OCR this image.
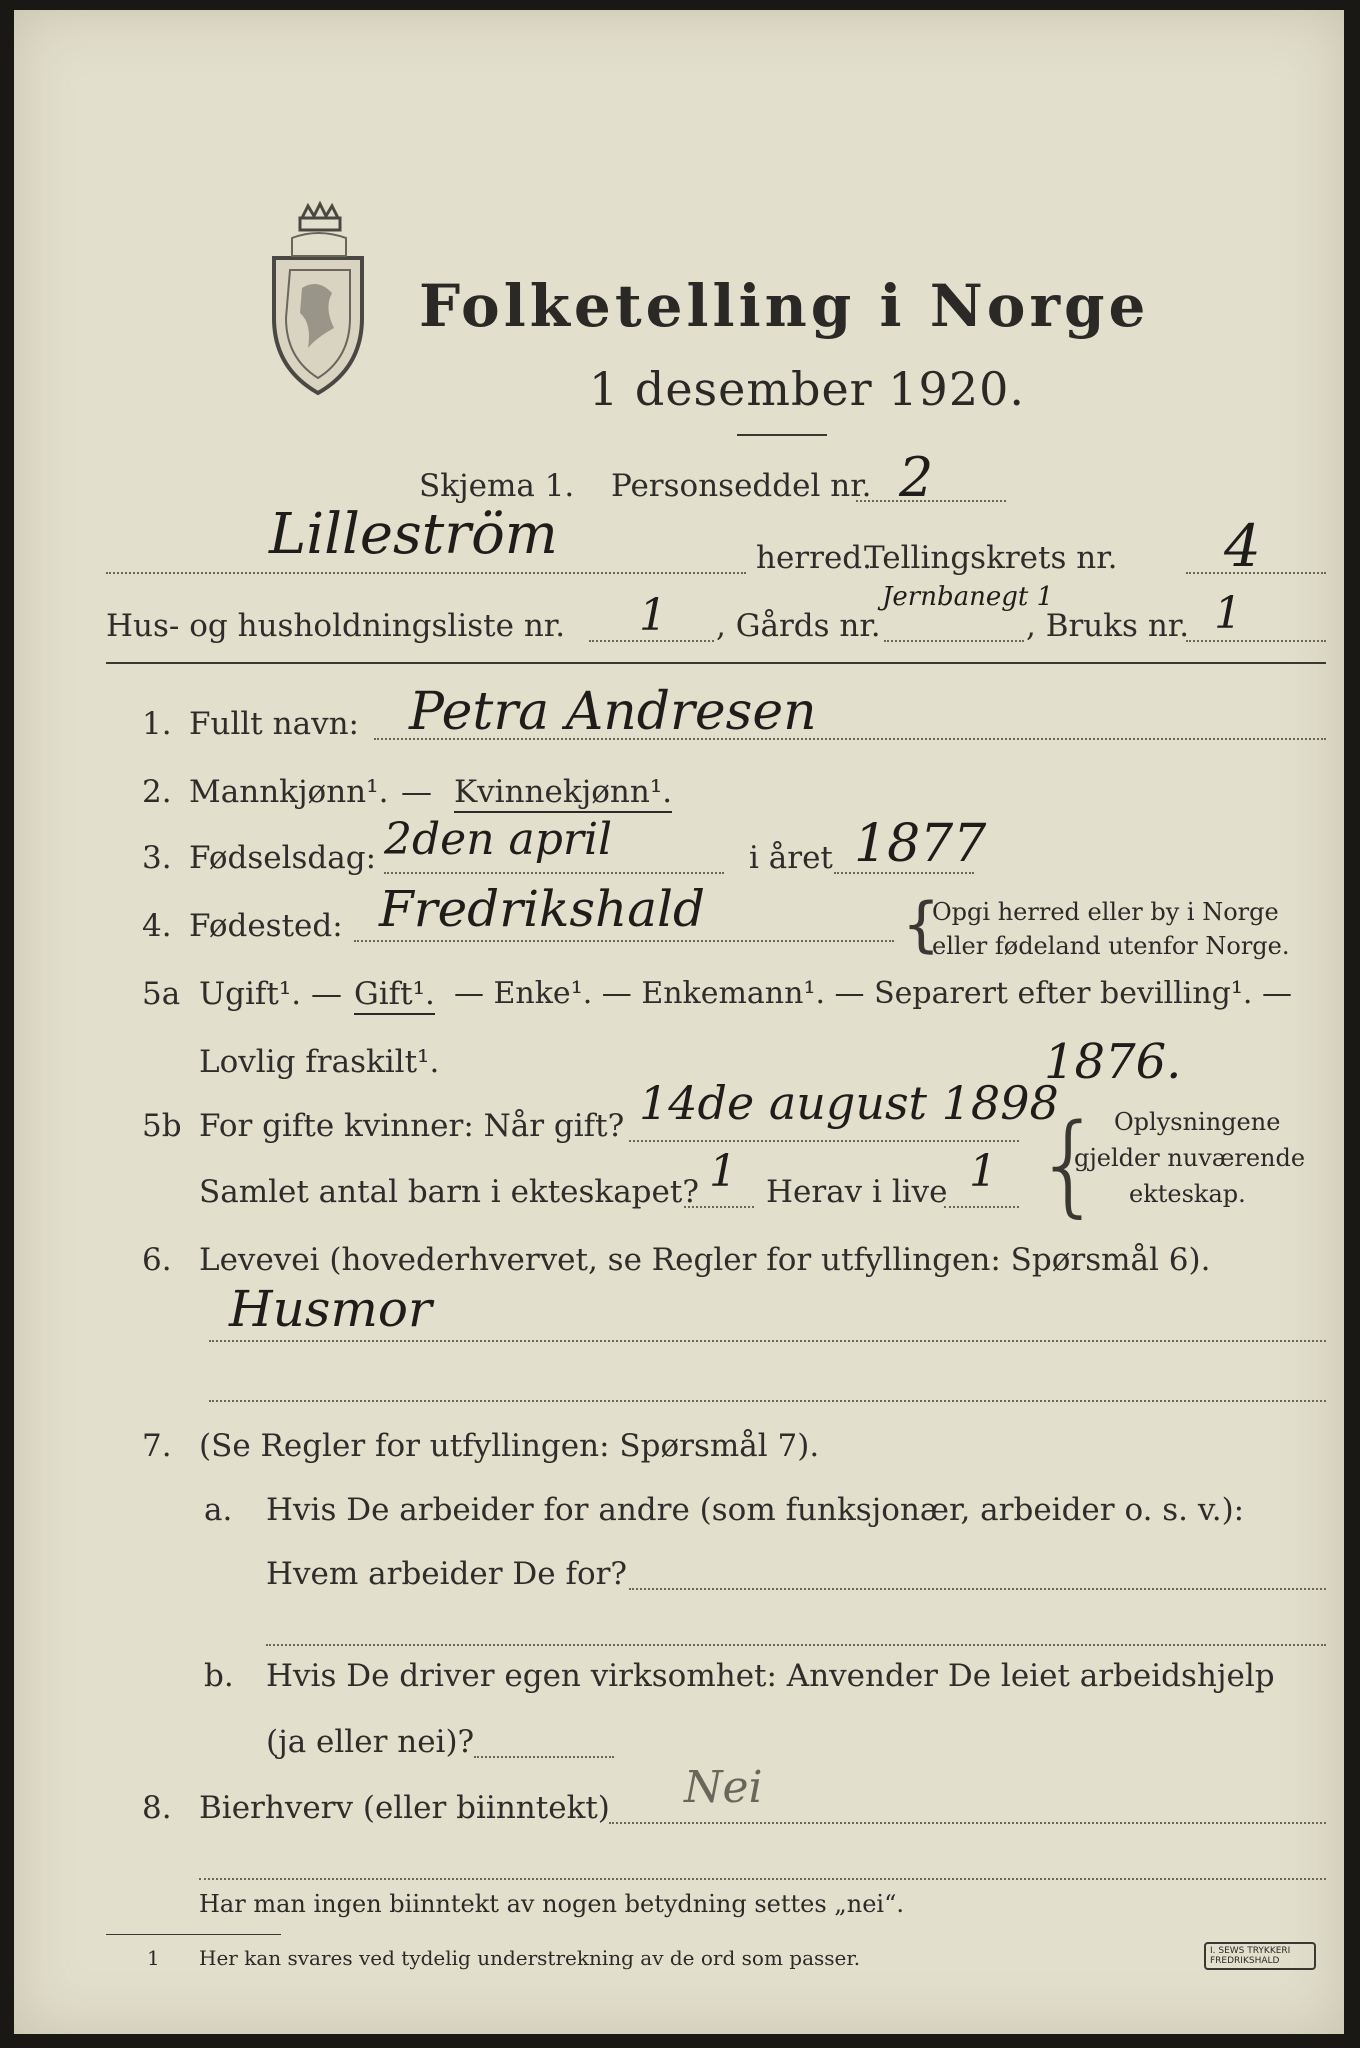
Folketelling i Norge
1 desember 1920.
Skjema 1. Personseddel nr. 2
Lilleström	herred.
Tellingskrets nr. 4
Hus- og husholdningsliste nr. 1 , Gårds nr.
Jernbanegt 1
, Bruks nr. 1
1. Fullt navn: Petra Andresen
2. Mannkjønn¹. — Kvinnekjønn¹.
3. Fødselsdag: 2den april	i året 1877
4. Fødested: Fredrikshald	{
Opgi herred eller by i Norge
eller fødeland utenfor Norge.
5a Ugift¹. — Gift¹. — Enke¹. — Enkemann¹. — Separert efter bevilling¹. —
Lovlig fraskilt¹.	1876.
5b For gifte kvinner: Når gift? 14de august 1898
Samlet antal barn i ekteskapet? 1 Herav i live 1 { Oplysningene
gjelder nuværende
ekteskap.
6. Levevei (hovederhvervet, se Regler for utfyllingen: Spørsmål 6).
Husmor
7. (Se Regler for utfyllingen: Spørsmål 7).
a. Hvis De arbeider for andre (som funksjonær, arbeider o. s. v.):
Hvem arbeider De for?
b. Hvis De driver egen virksomhet: Anvender De leiet arbeidshjelp
(ja eller nei)?
8. Bierhverv (eller biinntekt) Nei
Har man ingen biinntekt av nogen betydning settes „nei“.
1 Her kan svares ved tydelig understrekning av de ord som passer.	I. SEWS TRYKKERI FREDRIKSHALD
